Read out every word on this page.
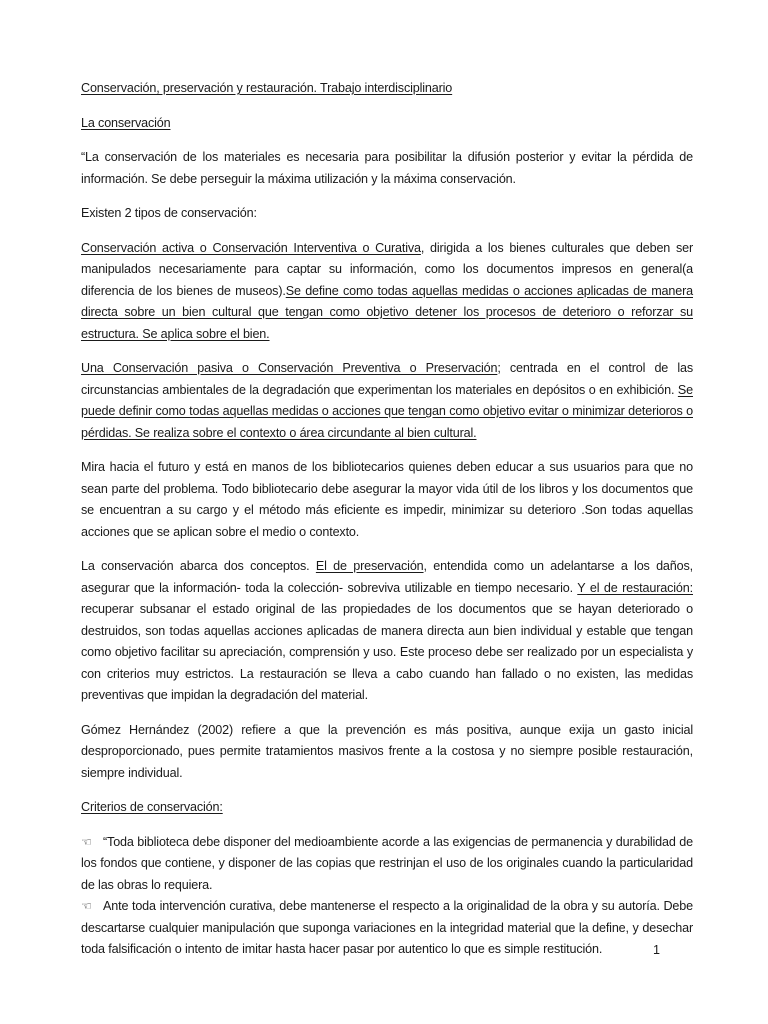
Conservación, preservación y restauración. Trabajo interdisciplinario

La conservación

“La conservación de los materiales es necesaria para posibilitar la difusión posterior y evitar la pérdida de información. Se debe perseguir la máxima utilización y la máxima conservación.

Existen 2 tipos de conservación:

Conservación activa o Conservación Interventiva o Curativa, dirigida a los bienes culturales que deben ser manipulados necesariamente para captar su información, como los documentos impresos en general(a diferencia de los bienes de museos).Se define como todas aquellas medidas o acciones aplicadas de manera directa sobre un bien cultural que tengan como objetivo detener los procesos de deterioro o reforzar su estructura. Se aplica sobre el bien.

Una Conservación pasiva o Conservación Preventiva o Preservación; centrada en el control de las circunstancias ambientales de la degradación que experimentan los materiales en depósitos o en exhibición. Se puede definir como todas aquellas medidas o acciones que tengan como objetivo evitar o minimizar deterioros o pérdidas. Se realiza sobre el contexto o área circundante al bien cultural.

Mira hacia el futuro y está en manos de los bibliotecarios quienes deben educar a sus usuarios para que no sean parte del problema. Todo bibliotecario debe asegurar la mayor vida útil de los libros y los documentos que se encuentran a su cargo y el método más eficiente es impedir, minimizar su deterioro .Son todas aquellas acciones que se aplican sobre el medio o contexto.

La conservación abarca dos conceptos. El de preservación, entendida como un adelantarse a los daños, asegurar que la información- toda la colección- sobreviva utilizable en tiempo necesario. Y el de restauración: recuperar subsanar el estado original de las propiedades de los documentos que se hayan deteriorado o destruidos, son todas aquellas acciones aplicadas de manera directa aun bien individual y estable que tengan como objetivo facilitar su apreciación, comprensión y uso. Este proceso debe ser realizado por un especialista y con criterios muy estrictos. La restauración se lleva a cabo cuando han fallado o no existen, las medidas preventivas que impidan la degradación del material.

Gómez Hernández (2002) refiere a que la prevención es más positiva, aunque exija un gasto inicial desproporcionado, pues permite tratamientos masivos frente a la costosa y no siempre posible restauración, siempre individual.

Criterios de conservación:

☜ “Toda biblioteca debe disponer del medioambiente acorde a las exigencias de permanencia y durabilidad de los fondos que contiene, y disponer de las copias que restrinjan el uso de los originales cuando la particularidad de las obras lo requiera.

☜ Ante toda intervención curativa, debe mantenerse el respecto a la originalidad de la obra y su autoría. Debe descartarse cualquier manipulación que suponga variaciones en la integridad material que la define, y desechar toda falsificación o intento de imitar hasta hacer pasar por autentico lo que es simple restitución.	1
